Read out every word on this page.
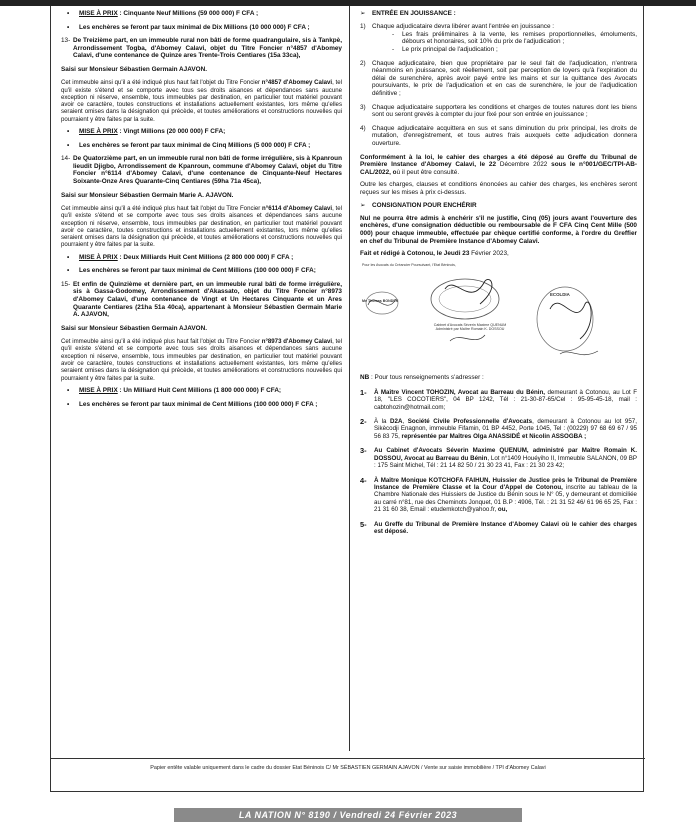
•	MISE À PRIX : Cinquante Neuf Millions (59 000 000) F CFA ;
•	Les enchères se feront par taux minimal de Dix Millions (10 000 000) F CFA ;
13- De Treizième part, en un immeuble rural non bâti de forme quadrangulaire, sis à Tankpè, Arrondissement Togba, d'Abomey Calavi, objet du Titre Foncier n°4857 d'Abomey Calavi, d'une contenance de Quinze ares Trente-Trois Centiares (15a 33ca),

Saisi sur Monsieur Sébastien Germain AJAVON.

Cet immeuble ainsi qu'il a été indiqué plus haut fait l'objet du Titre Foncier n°4857 d'Abomey Calavi, tel qu'il existe s'étend et se comporte avec tous ses droits aisances et dépendances sans aucune exception ni réserve, ensemble, tous immeubles par destination, en particulier tout matériel pouvant avoir ce caractère, toutes constructions et installations actuellement existantes, lors même qu'elles seraient omises dans la désignation qui précède, et toutes améliorations et constructions nouvelles qui pourraient y être faites par la suite.

•	MISE À PRIX : Vingt Millions (20 000 000) F CFA;
•	Les enchères se feront par taux minimal de Cinq Millions (5 000 000) F CFA ;
14- De Quatorzième part, en un immeuble rural non bâti de forme irrégulière, sis à Kpanroun lieudit Djigbo, Arrondissement de Kpanroun, commune d'Abomey Calavi, objet du Titre Foncier n°6114 d'Abomey Calavi, d'une contenance de Cinquante-Neuf Hectares Soixante-Onze Ares Quarante-Cinq Centiares (59ha 71a 45ca),

Saisi sur Monsieur Sébastien Germain Marie A. AJAVON.

Cet immeuble ainsi qu'il a été indiqué plus haut fait l'objet du Titre Foncier n°6114 d'Abomey Calavi, tel qu'il existe s'étend et se comporte avec tous ses droits aisances et dépendances sans aucune exception ni réserve, ensemble, tous immeubles par destination, en particulier tout matériel pouvant avoir ce caractère, toutes constructions et installations actuellement existantes, lors même qu'elles seraient omises dans la désignation qui précède, et toutes améliorations et constructions nouvelles qui pourraient y être faites par la suite.

•	MISE À PRIX : Deux Milliards Huit Cent Millions (2 800 000 000) F CFA ;
•	Les enchères se feront par taux minimal de Cent Millions (100 000 000) F CFA;
15- Et enfin de Quinzième et dernière part, en un immeuble rural bâti de forme irrégulière, sis à Gassa-Godomey, Arrondissement d'Akassato, objet du Titre Foncier n°8973 d'Abomey Calavi, d'une contenance de Vingt et Un Hectares Cinquante et un Ares Quarante Centiares (21ha 51a 40ca), appartenant à Monsieur Sébastien Germain Marie A. AJAVON,

Saisi sur Monsieur Sébastien Germain AJAVON.

Cet immeuble ainsi qu'il a été indiqué plus haut fait l'objet du Titre Foncier n°8973 d'Abomey Calavi, tel qu'il existe s'étend et se comporte avec tous ses droits aisances et dépendances sans aucune exception ni réserve, ensemble, tous immeubles par destination, en particulier tout matériel pouvant avoir ce caractère, toutes constructions et installations actuellement existantes, lors même qu'elles seraient omises dans la désignation qui précède, et toutes améliorations et constructions nouvelles qui pourraient y être faites par la suite.

•	MISE À PRIX : Un Milliard Huit Cent Millions (1 800 000 000) F CFA;
•	Les enchères se feront par taux minimal de Cent Millions (100 000 000) F CFA ;
➢	ENTRÉE EN JOUISSANCE :
1) Chaque adjudicataire devra libérer avant l'entrée en jouissance :
-	Les frais préliminaires à la vente, les remises proportionnelles, émoluments, débours et honoraires, soit 10% du prix de l'adjudication ;
-	Le prix principal de l'adjudication ;
2) Chaque adjudicataire, bien que propriétaire par le seul fait de l'adjudication, n'entrera néanmoins en jouissance, soit réellement, soit par perception de loyers qu'à l'expiration du délai de surenchère, après avoir payé entre les mains et sur la quittance des Avocats poursuivants, le prix de l'adjudication et en cas de surenchère, le jour de l'adjudication définitive ;
3) Chaque adjudicataire supportera les conditions et charges de toutes natures dont les biens sont ou seront grevés à compter du jour fixé pour son entrée en jouissance ;
4) Chaque adjudicataire acquittera en sus et sans diminution du prix principal, les droits de mutation, d'enregistrement, et tous autres frais auxquels cette adjudication donnera ouverture.

Conformément à la loi, le cahier des charges a été déposé au Greffe du Tribunal de Première Instance d'Abomey Calavi, le 22 Décembre 2022 sous le n°001/GEC/TPI-AB-CAL/2022, où il peut être consulté.

Outre les charges, clauses et conditions énoncées au cahier des charges, les enchères seront reçues sur les mises à prix ci-dessus.

➢	CONSIGNATION POUR ENCHÉRIR

Nul ne pourra être admis à enchérir s'il ne justifie, Cinq (05) jours avant l'ouverture des enchères, d'une consignation déductible ou remboursable de F CFA Cinq Cent Mille (500 000) pour chaque immeuble, effectuée par chèque certifié conforme, à l'ordre du Greffier en chef du Tribunal de Première Instance d'Abomey Calavi.

Fait et rédigé à Cotonou, le Jeudi 23 Février 2023,

Pour les Avocats du Créancier Poursuivant, l'Etat Béninois,
Me Thomas BONDEN
Cabinet d'Avocats Séverin Maxime QUENUM Administré par Maître Romain K. DOSSOU
ECOLDIA

NB : Pour tous renseignements s'adresser :

1-	À Maître Vincent TOHOZIN, Avocat au Barreau du Bénin, demeurant à Cotonou, au Lot F 18, "LES COCOTIERS", 04 BP 1242, Tél : 21-30-87-65/Cel : 95-95-45-18, mail : cabtohozin@hotmail.com;
2-	À la D2A, Société Civile Professionnelle d'Avocats, demeurant à Cotonou au lot 957, Sikècodji Enagnon, immeuble Fifamin, 01 BP 4452, Porte 1045, Tel : (00229) 97 68 69 67 / 95 56 83 75, représentée par Maîtres Olga ANASSIDÉ et Nicolin ASSOGBA ;
3-	Au Cabinet d'Avocats Séverin Maxime QUENUM, administré par Maître Romain K. DOSSOU, Avocat au Barreau du Bénin, Lot n°1409 Houéyiho II, Immeuble SALANON, 09 BP : 175 Saint Michel, Tél : 21 14 82 50 / 21 30 23 41, Fax : 21 30 23 42;
4-	À Maître Monique KOTCHOFA FAIHUN, Huissier de Justice près le Tribunal de Première Instance de Première Classe et la Cour d'Appel de Cotonou, inscrite au tableau de la Chambre Nationale des Huissiers de Justice du Bénin sous le N° 05, y demeurant et domiciliée au carré n°81, rue des Cheminots Jonquet, 01 B.P : 4906, Tél. : 21 31 52 46/ 61 96 65 25, Fax : 21 31 60 38, Email : etudemkotch@yahoo.fr, ou,
5-	Au Greffe du Tribunal de Première Instance d'Abomey Calavi où le cahier des charges est déposé.
Papier entête valable uniquement dans le cadre du dossier Etat Béninois C/ Mr SÉBASTIEN GERMAIN AJAVON / Vente sur saisie immobilière / TPI d'Abomey Calavi
LA NATION N° 8190 / Vendredi 24 Février 2023
